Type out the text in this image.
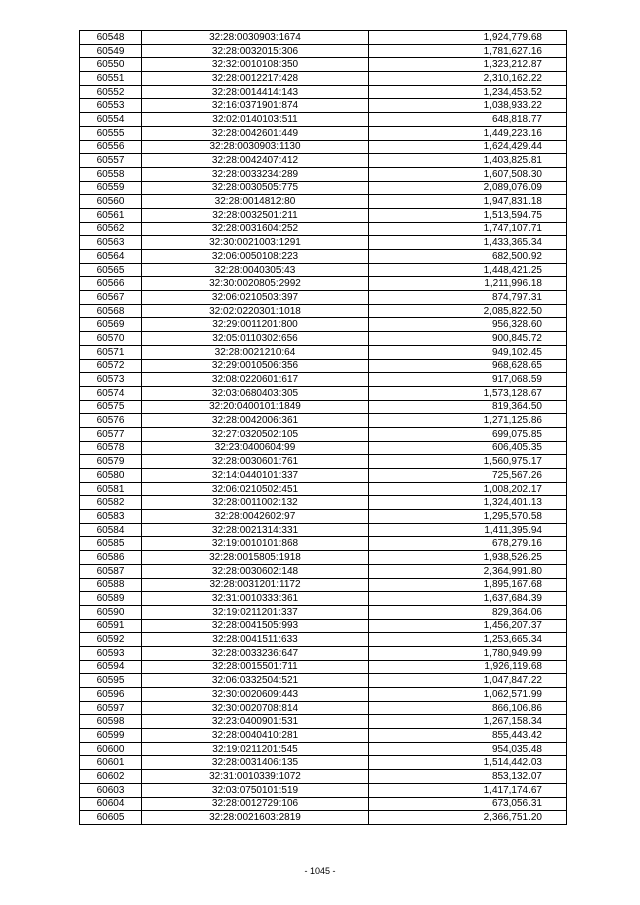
60548	32:28:0030903:1674	1,924,779.68
60549	32:28:0032015:306	1,781,627.16
60550	32:32:0010108:350	1,323,212.87
60551	32:28:0012217:428	2,310,162.22
60552	32:28:0014414:143	1,234,453.52
60553	32:16:0371901:874	1,038,933.22
60554	32:02:0140103:511	648,818.77
60555	32:28:0042601:449	1,449,223.16
60556	32:28:0030903:1130	1,624,429.44
60557	32:28:0042407:412	1,403,825.81
60558	32:28:0033234:289	1,607,508.30
60559	32:28:0030505:775	2,089,076.09
60560	32:28:0014812:80	1,947,831.18
60561	32:28:0032501:211	1,513,594.75
60562	32:28:0031604:252	1,747,107.71
60563	32:30:0021003:1291	1,433,365.34
60564	32:06:0050108:223	682,500.92
60565	32:28:0040305:43	1,448,421.25
60566	32:30:0020805:2992	1,211,996.18
60567	32:06:0210503:397	874,797.31
60568	32:02:0220301:1018	2,085,822.50
60569	32:29:0011201:800	956,328.60
60570	32:05:0110302:656	900,845.72
60571	32:28:0021210:64	949,102.45
60572	32:29:0010506:356	968,628.65
60573	32:08:0220601:617	917,068.59
60574	32:03:0680403:305	1,573,128.67
60575	32:20:0400101:1849	819,364.50
60576	32:28:0042006:361	1,271,125.86
60577	32:27:0320502:105	699,075.85
60578	32:23:0400604:99	606,405.35
60579	32:28:0030601:761	1,560,975.17
60580	32:14:0440101:337	725,567.26
60581	32:06:0210502:451	1,008,202.17
60582	32:28:0011002:132	1,324,401.13
60583	32:28:0042602:97	1,295,570.58
60584	32:28:0021314:331	1,411,395.94
60585	32:19:0010101:868	678,279.16
60586	32:28:0015805:1918	1,938,526.25
60587	32:28:0030602:148	2,364,991.80
60588	32:28:0031201:1172	1,895,167.68
60589	32:31:0010333:361	1,637,684.39
60590	32:19:0211201:337	829,364.06
60591	32:28:0041505:993	1,456,207.37
60592	32:28:0041511:633	1,253,665.34
60593	32:28:0033236:647	1,780,949.99
60594	32:28:0015501:711	1,926,119.68
60595	32:06:0332504:521	1,047,847.22
60596	32:30:0020609:443	1,062,571.99
60597	32:30:0020708:814	866,106.86
60598	32:23:0400901:531	1,267,158.34
60599	32:28:0040410:281	855,443.42
60600	32:19:0211201:545	954,035.48
60601	32:28:0031406:135	1,514,442.03
60602	32:31:0010339:1072	853,132.07
60603	32:03:0750101:519	1,417,174.67
60604	32:28:0012729:106	673,056.31
60605	32:28:0021603:2819	2,366,751.20
- 1045 -
